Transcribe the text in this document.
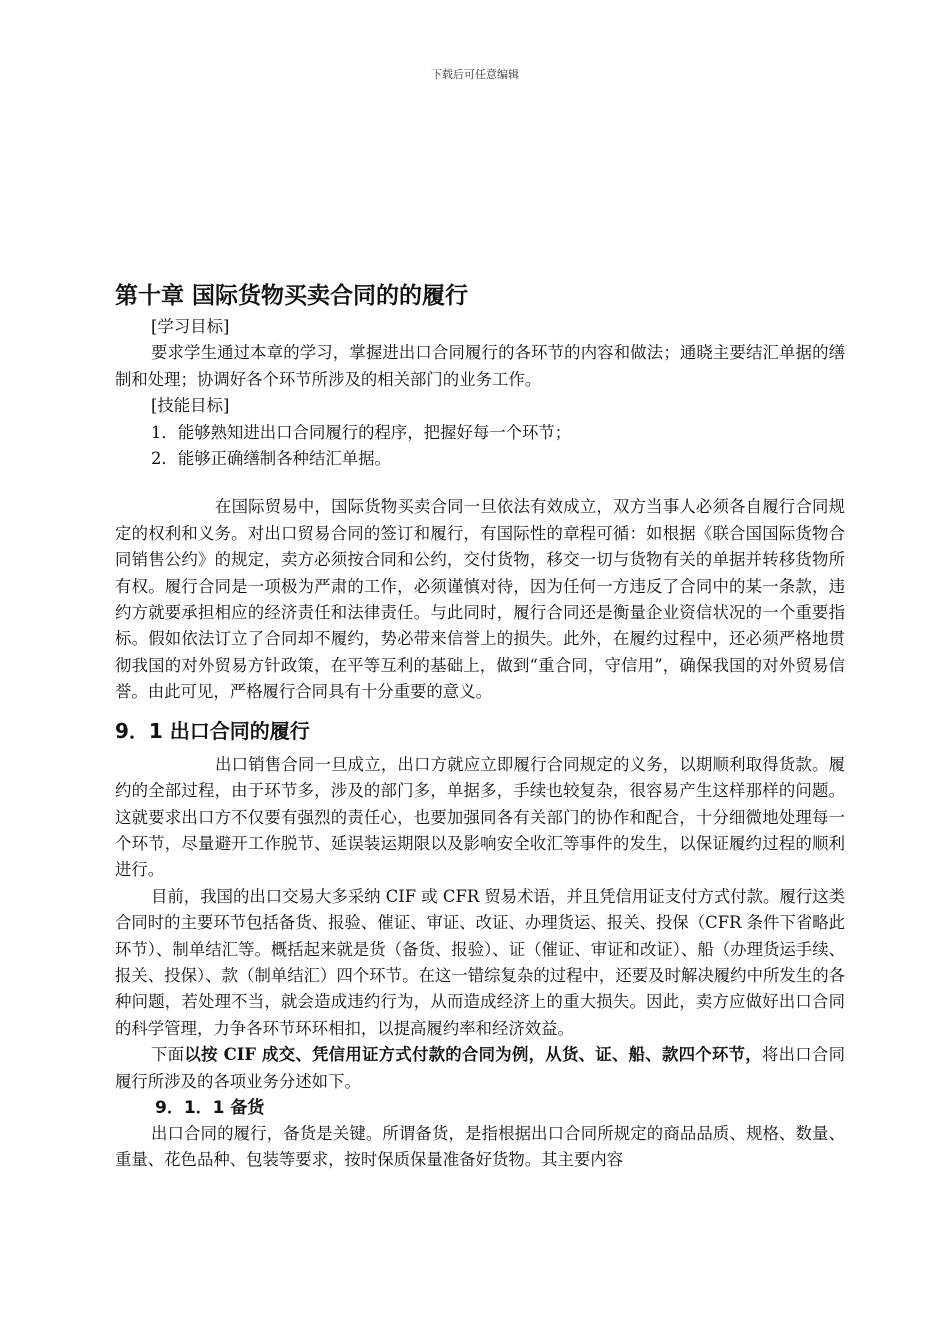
下载后可任意编辑
第十章 国际货物买卖合同的的履行

[学习目标]

要求学生通过本章的学习，掌握进出口合同履行的各环节的内容和做法；通晓主要结汇单据的缮制和处理；协调好各个环节所涉及的相关部门的业务工作。

[技能目标]

1．能够熟知进出口合同履行的程序，把握好每一个环节；

2．能够正确缮制各种结汇单据。

在国际贸易中，国际货物买卖合同一旦依法有效成立，双方当事人必须各自履行合同规定的权利和义务。对出口贸易合同的签订和履行，有国际性的章程可循：如根据《联合国国际货物合同销售公约》的规定，卖方必须按合同和公约，交付货物，移交一切与货物有关的单据并转移货物所有权。履行合同是一项极为严肃的工作，必须谨慎对待，因为任何一方违反了合同中的某一条款，违约方就要承担相应的经济责任和法律责任。与此同时，履行合同还是衡量企业资信状况的一个重要指标。假如依法订立了合同却不履约，势必带来信誉上的损失。此外，在履约过程中，还必须严格地贯彻我国的对外贸易方针政策，在平等互利的基础上，做到“重合同，守信用”，确保我国的对外贸易信誉。由此可见，严格履行合同具有十分重要的意义。

9．1 出口合同的履行

出口销售合同一旦成立，出口方就应立即履行合同规定的义务，以期顺利取得货款。履约的全部过程，由于环节多，涉及的部门多，单据多，手续也较复杂，很容易产生这样那样的问题。这就要求出口方不仅要有强烈的责任心，也要加强同各有关部门的协作和配合，十分细微地处理每一个环节，尽量避开工作脱节、延误装运期限以及影响安全收汇等事件的发生，以保证履约过程的顺利进行。

目前，我国的出口交易大多采纳 CIF 或 CFR 贸易术语，并且凭信用证支付方式付款。履行这类合同时的主要环节包括备货、报验、催证、审证、改证、办理货运、报关、投保（CFR 条件下省略此环节）、制单结汇等。概括起来就是货（备货、报验）、证（催证、审证和改证）、船（办理货运手续、报关、投保）、款（制单结汇）四个环节。在这一错综复杂的过程中，还要及时解决履约中所发生的各种问题，若处理不当，就会造成违约行为，从而造成经济上的重大损失。因此，卖方应做好出口合同的科学管理，力争各环节环环相扣，以提高履约率和经济效益。

下面以按 CIF 成交、凭信用证方式付款的合同为例，从货、证、船、款四个环节，将出口合同履行所涉及的各项业务分述如下。

9．1．1 备货

出口合同的履行，备货是关键。所谓备货，是指根据出口合同所规定的商品品质、规格、数量、重量、花色品种、包装等要求，按时保质保量准备好货物。其主要内容
